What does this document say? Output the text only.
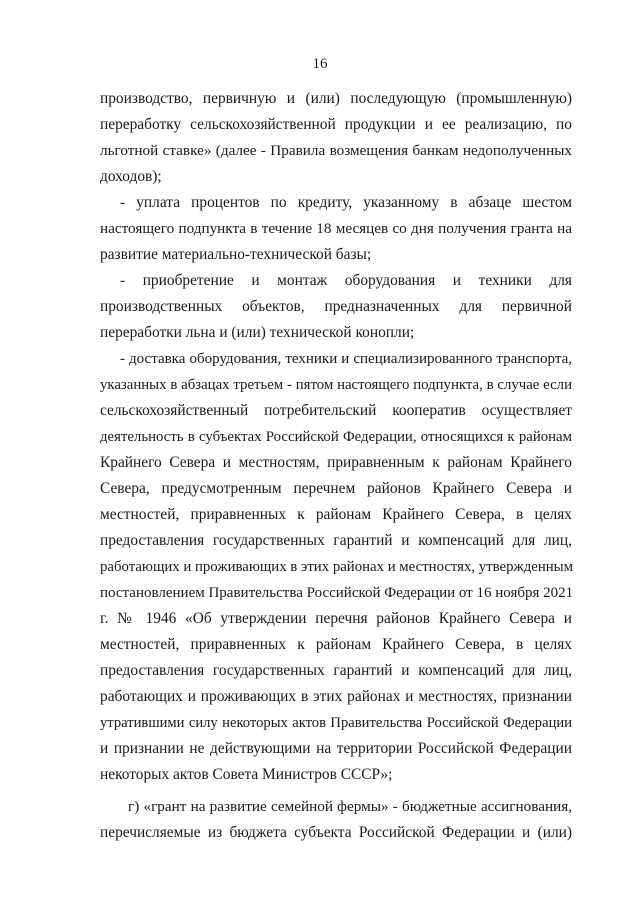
16
производство, первичную и (или) последующую (промышленную)
переработку сельскохозяйственной продукции и ее реализацию, по
льготной ставке» (далее - Правила возмещения банкам недополученных
доходов);
- уплата процентов по кредиту, указанному в абзаце шестом
настоящего подпункта в течение 18 месяцев со дня получения гранта на
развитие материально-технической базы;
- приобретение и монтаж оборудования и техники для
производственных объектов, предназначенных для первичной
переработки льна и (или) технической конопли;
- доставка оборудования, техники и специализированного транспорта,
указанных в абзацах третьем - пятом настоящего подпункта, в случае если
сельскохозяйственный потребительский кооператив осуществляет
деятельность в субъектах Российской Федерации, относящихся к районам
Крайнего Севера и местностям, приравненным к районам Крайнего
Севера, предусмотренным перечнем районов Крайнего Севера и
местностей, приравненных к районам Крайнего Севера, в целях
предоставления государственных гарантий и компенсаций для лиц,
работающих и проживающих в этих районах и местностях, утвержденным
постановлением Правительства Российской Федерации от 16 ноября 2021
г. № 1946 «Об утверждении перечня районов Крайнего Севера и
местностей, приравненных к районам Крайнего Севера, в целях
предоставления государственных гарантий и компенсаций для лиц,
работающих и проживающих в этих районах и местностях, признании
утратившими силу некоторых актов Правительства Российской Федерации
и признании не действующими на территории Российской Федерации
некоторых актов Совета Министров СССР»;
г) «грант на развитие семейной фермы» - бюджетные ассигнования,
перечисляемые из бюджета субъекта Российской Федерации и (или)
